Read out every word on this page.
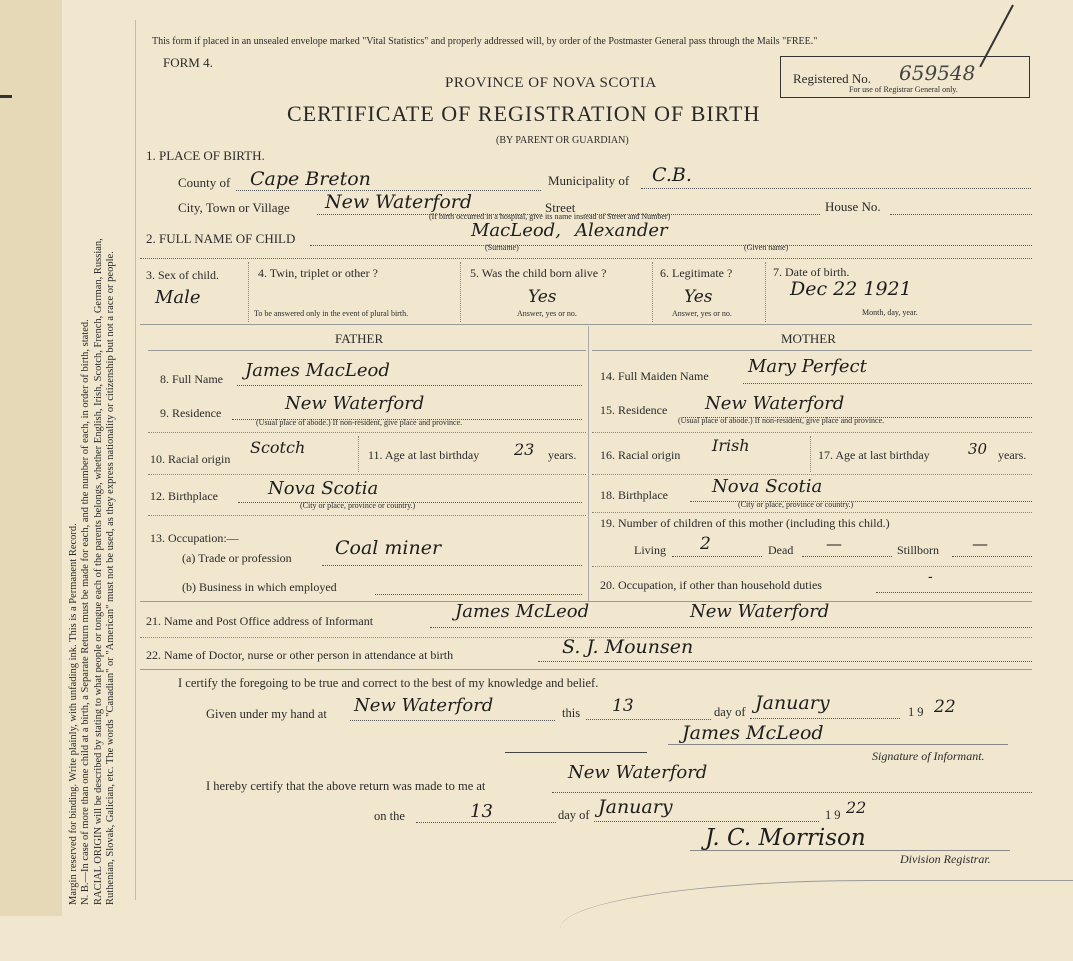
Margin reserved for binding. Write plainly, with unfading ink. This is a Permanent Record. N. B.—In case of more than one child at a birth, a Separate Return must be made for each, and the number of each, in order of birth, stated. RACIAL ORIGIN will be described by stating to what people or tongue each of the parents belongs, whether English, Irish, Scotch, French, German, Russian, Ruthenian, Slovak, Galician, etc. The words "Canadian" or "American" must not be used, as they express nationality or citizenship but not a race or people.
This form if placed in an unsealed envelope marked "Vital Statistics" and properly addressed will, by order of the Postmaster General pass through the Mails "FREE."
FORM 4.
Registered No. 659548
For use of Registrar General only.
PROVINCE OF NOVA SCOTIA
CERTIFICATE OF REGISTRATION OF BIRTH
(BY PARENT OR GUARDIAN)
1. PLACE OF BIRTH.
County of Cape Breton	Municipality of C.B.
City, Town or Village New Waterford	Street	House No.
(If birth occurred in a hospital, give its name instead of Street and Number)
2. FULL NAME OF CHILD	MacLeod, Alexander
(Surname)	(Given name)
3. Sex of child.
Male
4. Twin, triplet or other ?
To be answered only in the event of plural birth.
5. Was the child born alive ?
Yes
Answer, yes or no.
6. Legitimate ?
Yes
Answer, yes or no.
7. Date of birth.
Dec 22 1921
Month, day, year.
FATHER	MOTHER
8. Full Name James MacLeod
9. Residence	New Waterford
(Usual place of abode.) If non-resident, give place and province.
10. Racial origin
Scotch	11. Age at last birthday 23 years.
12. Birthplace	Nova Scotia
(City or place, province or country.)
13. Occupation:—
(a) Trade or profession Coal miner
(b) Business in which employed
14. Full Maiden Name Mary Perfect
15. Residence New Waterford
(Usual place of abode.) If non-resident, give place and province.
16. Racial origin Irish	17. Age at last birthday	30 years.
18. Birthplace Nova Scotia
(City or place, province or country.)
19. Number of children of this mother (including this child.)
Living 2	Dead —	Stillborn —
20. Occupation, if other than household duties	-
21. Name and Post Office address of Informant	James McLeod	New Waterford
22. Name of Doctor, nurse or other person in attendance at birth	S. J. Mounsen
I certify the foregoing to be true and correct to the best of my knowledge and belief.
Given under my hand at New Waterford	this 13	day of January	19 22
James McLeod
Signature of Informant.
I hereby certify that the above return was made to me at
New Waterford
on the	13	day of January	19 22
J. C. Morrison
Division Registrar.
